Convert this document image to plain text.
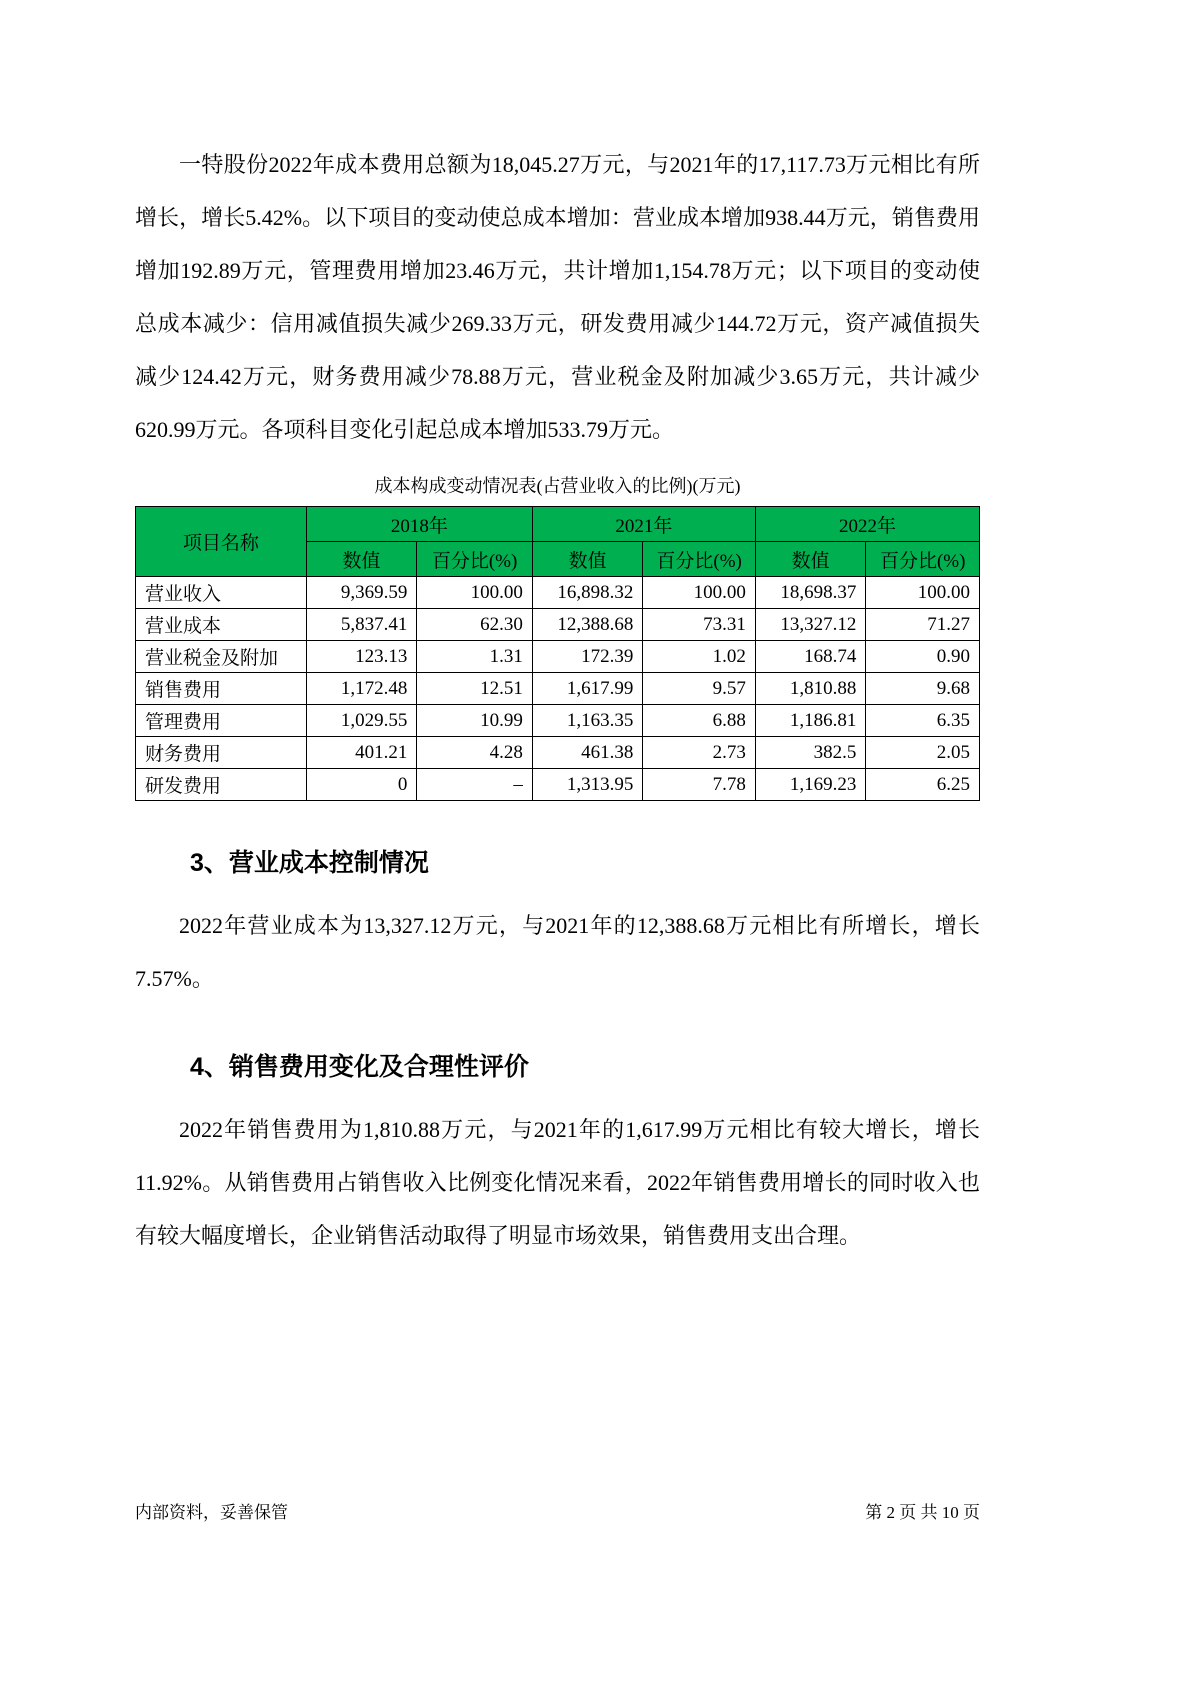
一特股份2022年成本费用总额为18,045.27万元，与2021年的17,117.73万元相比有所增长，增长5.42%。以下项目的变动使总成本增加：营业成本增加938.44万元，销售费用增加192.89万元，管理费用增加23.46万元，共计增加1,154.78万元；以下项目的变动使总成本减少：信用减值损失减少269.33万元，研发费用减少144.72万元，资产减值损失减少124.42万元，财务费用减少78.88万元，营业税金及附加减少3.65万元，共计减少620.99万元。各项科目变化引起总成本增加533.79万元。

成本构成变动情况表(占营业收入的比例)(万元)
项目名称	2018年		2021年		2022年	
	数值	百分比(%)	数值	百分比(%)	数值	百分比(%)
营业收入	9,369.59	100.00	16,898.32	100.00	18,698.37	100.00
营业成本	5,837.41	62.30	12,388.68	73.31	13,327.12	71.27
营业税金及附加	123.13	1.31	172.39	1.02	168.74	0.90
销售费用	1,172.48	12.51	1,617.99	9.57	1,810.88	9.68
管理费用	1,029.55	10.99	1,163.35	6.88	1,186.81	6.35
财务费用	401.21	4.28	461.38	2.73	382.5	2.05
研发费用	0	–	1,313.95	7.78	1,169.23	6.25
3、营业成本控制情况

2022年营业成本为13,327.12万元，与2021年的12,388.68万元相比有所增长，增长7.57%。

4、销售费用变化及合理性评价

2022年销售费用为1,810.88万元，与2021年的1,617.99万元相比有较大增长，增长11.92%。从销售费用占销售收入比例变化情况来看，2022年销售费用增长的同时收入也有较大幅度增长，企业销售活动取得了明显市场效果，销售费用支出合理。

内部资料，妥善保管	第 2 页 共 10 页
